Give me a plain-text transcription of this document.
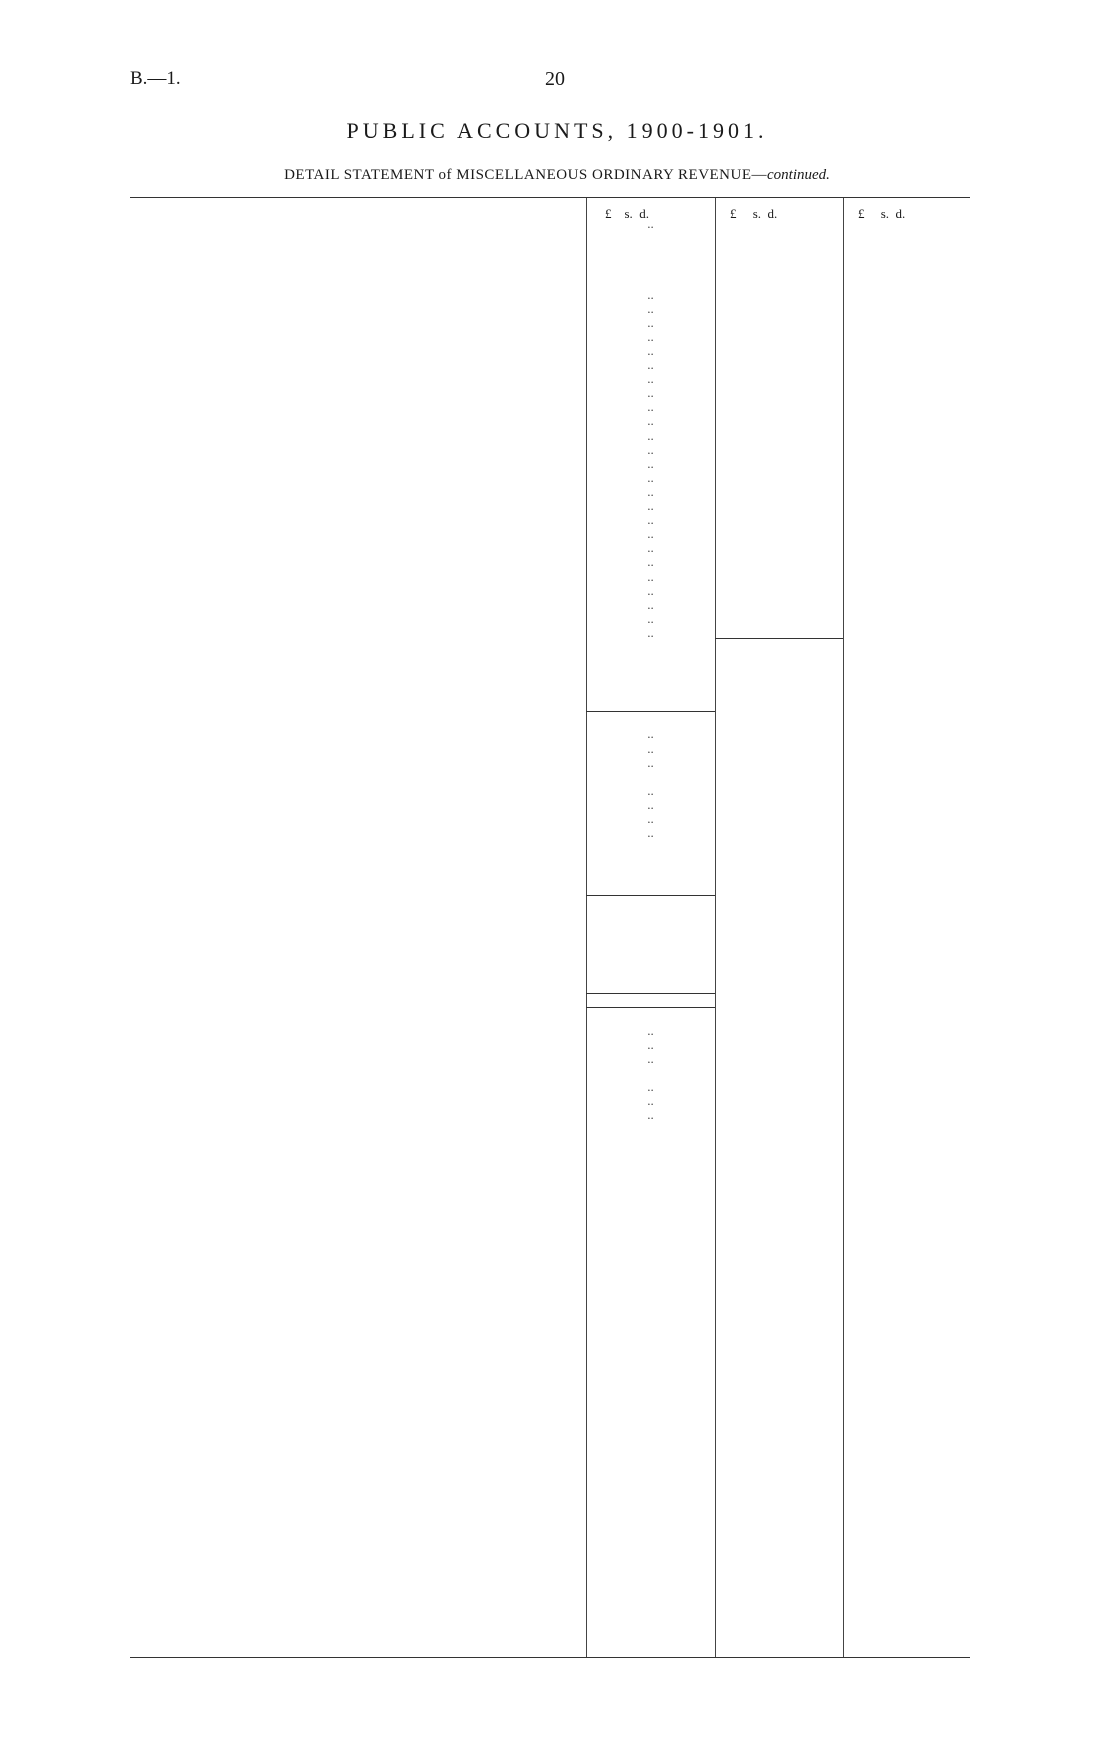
B.—1.	20
PUBLIC ACCOUNTS, 1900-1901.
DETAIL STATEMENT of MISCELLANEOUS ORDINARY REVENUE—continued.
£    s.  d.	£     s.  d.	£     s.  d.
..
..
..
..
..
..
..
..
..
..
..
..
..
..
..
..
..
..
..
..
..
..
..
..
..
..
..
..
..
..
..
..
..
..
..
..
..
..
..
